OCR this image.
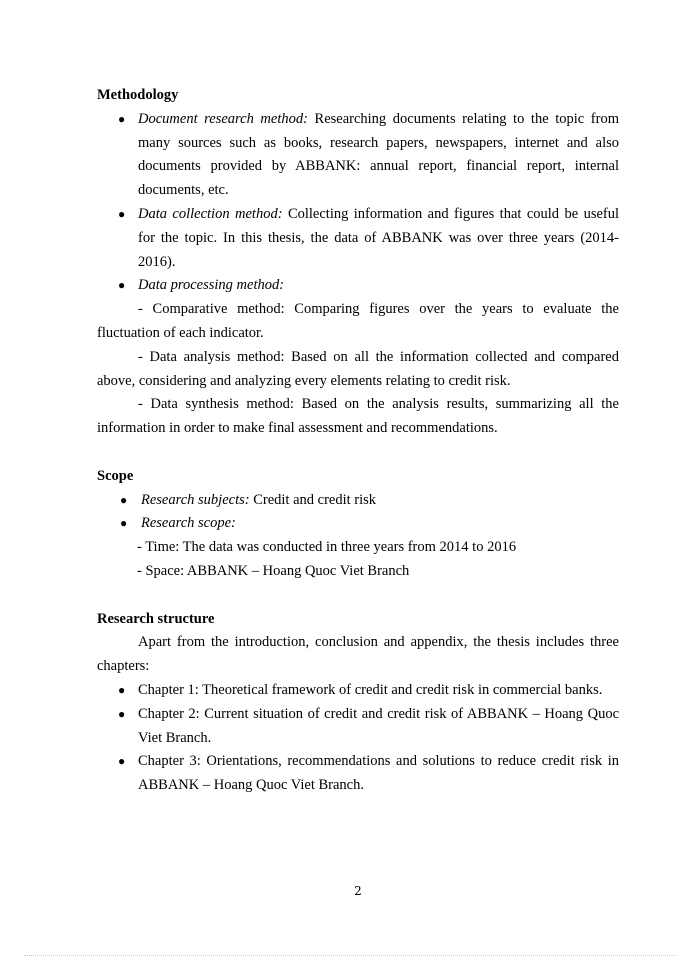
Methodology

● Document research method: Researching documents relating to the topic from many sources such as books, research papers, newspapers, internet and also documents provided by ABBANK: annual report, financial report, internal documents, etc.

● Data collection method: Collecting information and figures that could be useful for the topic. In this thesis, the data of ABBANK was over three years (2014-2016).

● Data processing method:

- Comparative method: Comparing figures over the years to evaluate the fluctuation of each indicator.

- Data analysis method: Based on all the information collected and compared above, considering and analyzing every elements relating to credit risk.

- Data synthesis method: Based on the analysis results, summarizing all the information in order to make final assessment and recommendations.

Scope

● Research subjects: Credit and credit risk

● Research scope:

- Time: The data was conducted in three years from 2014 to 2016

- Space: ABBANK – Hoang Quoc Viet Branch

Research structure

Apart from the introduction, conclusion and appendix, the thesis includes three chapters:

● Chapter 1: Theoretical framework of credit and credit risk in commercial banks.

● Chapter 2: Current situation of credit and credit risk of ABBANK – Hoang Quoc Viet Branch.

● Chapter 3: Orientations, recommendations and solutions to reduce credit risk in ABBANK – Hoang Quoc Viet Branch.

2
